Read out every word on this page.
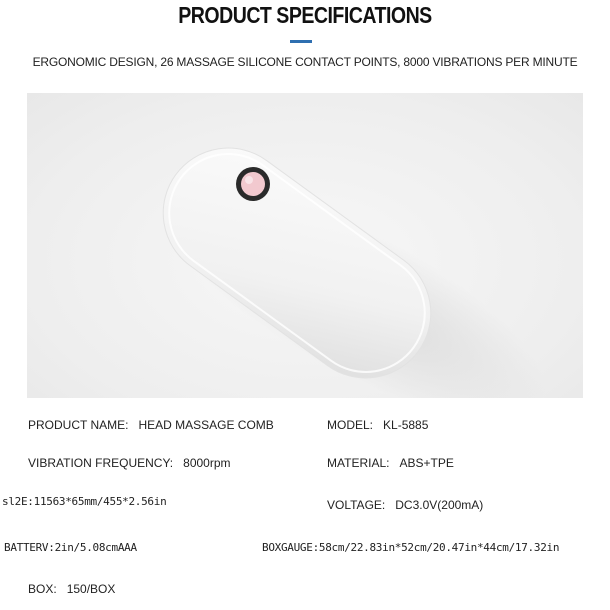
PRODUCT SPECIFICATIONS
ERGONOMIC DESIGN, 26 MASSAGE SILICONE CONTACT POINTS, 8000 VIBRATIONS PER MINUTE
PRODUCT NAME: HEAD MASSAGE COMB	MODEL: KL-5885
VIBRATION FREQUENCY: 8000rpm	MATERIAL: ABS+TPE
sl2E:11563*65mm/455*2.56in	VOLTAGE: DC3.0V(200mA)
BATTERV:2in/5.08cmAAA	BOXGAUGE:58cm/22.83in*52cm/20.47in*44cm/17.32in
BOX: 150/BOX
